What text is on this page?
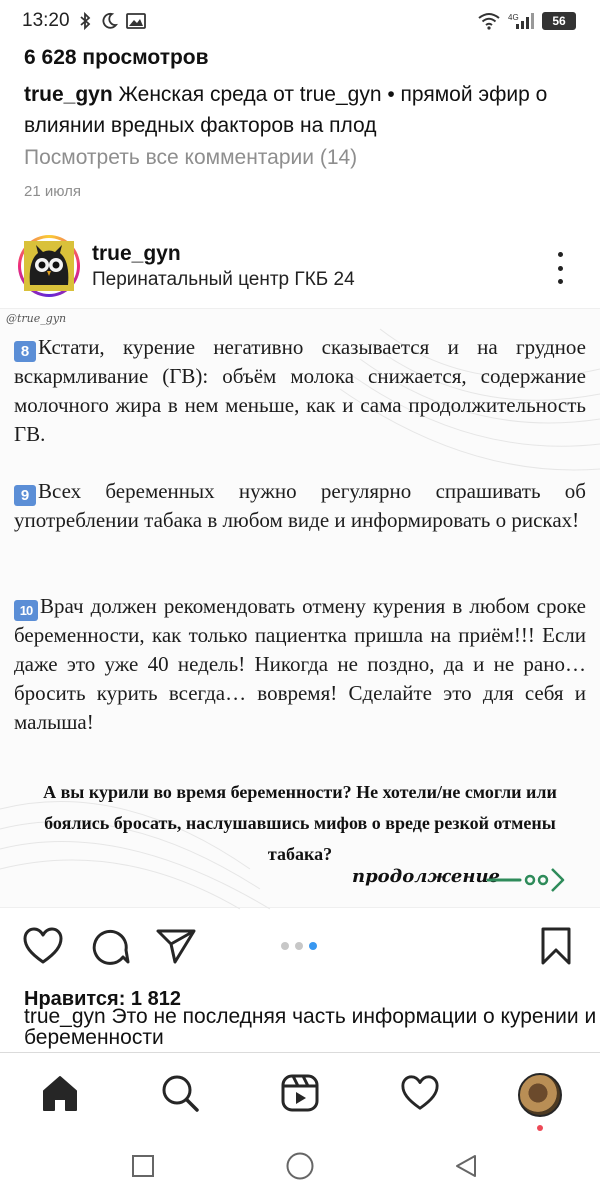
13:20	4G	56
6 628 просмотров
true_gyn Женская среда от true_gyn • прямой эфир о влиянии вредных факторов на плод
Посмотреть все комментарии (14)
21 июля
true_gyn
Перинатальный центр ГКБ 24
@true_gyn
8 Кстати, курение негативно сказывается и на грудное вскармливание (ГВ): объём молока снижается, содержание молочного жира в нем меньше, как и сама продолжительность ГВ.
9 Всех беременных нужно регулярно спрашивать об употреблении табака в любом виде и информировать о рисках!
10 Врач должен рекомендовать отмену курения в любом сроке беременности, как только пациентка пришла на приём!!! Если даже это уже 40 недель! Никогда не поздно, да и не рано… бросить курить всегда… вовремя! Сделайте это для себя и малыша!
А вы курили во время беременности? Не хотели/не смогли или боялись бросать, наслушавшись мифов о вреде резкой отмены табака?
продолжение
Нравится: 1 812
true_gyn Это не последняя часть информации о курении и беременности
